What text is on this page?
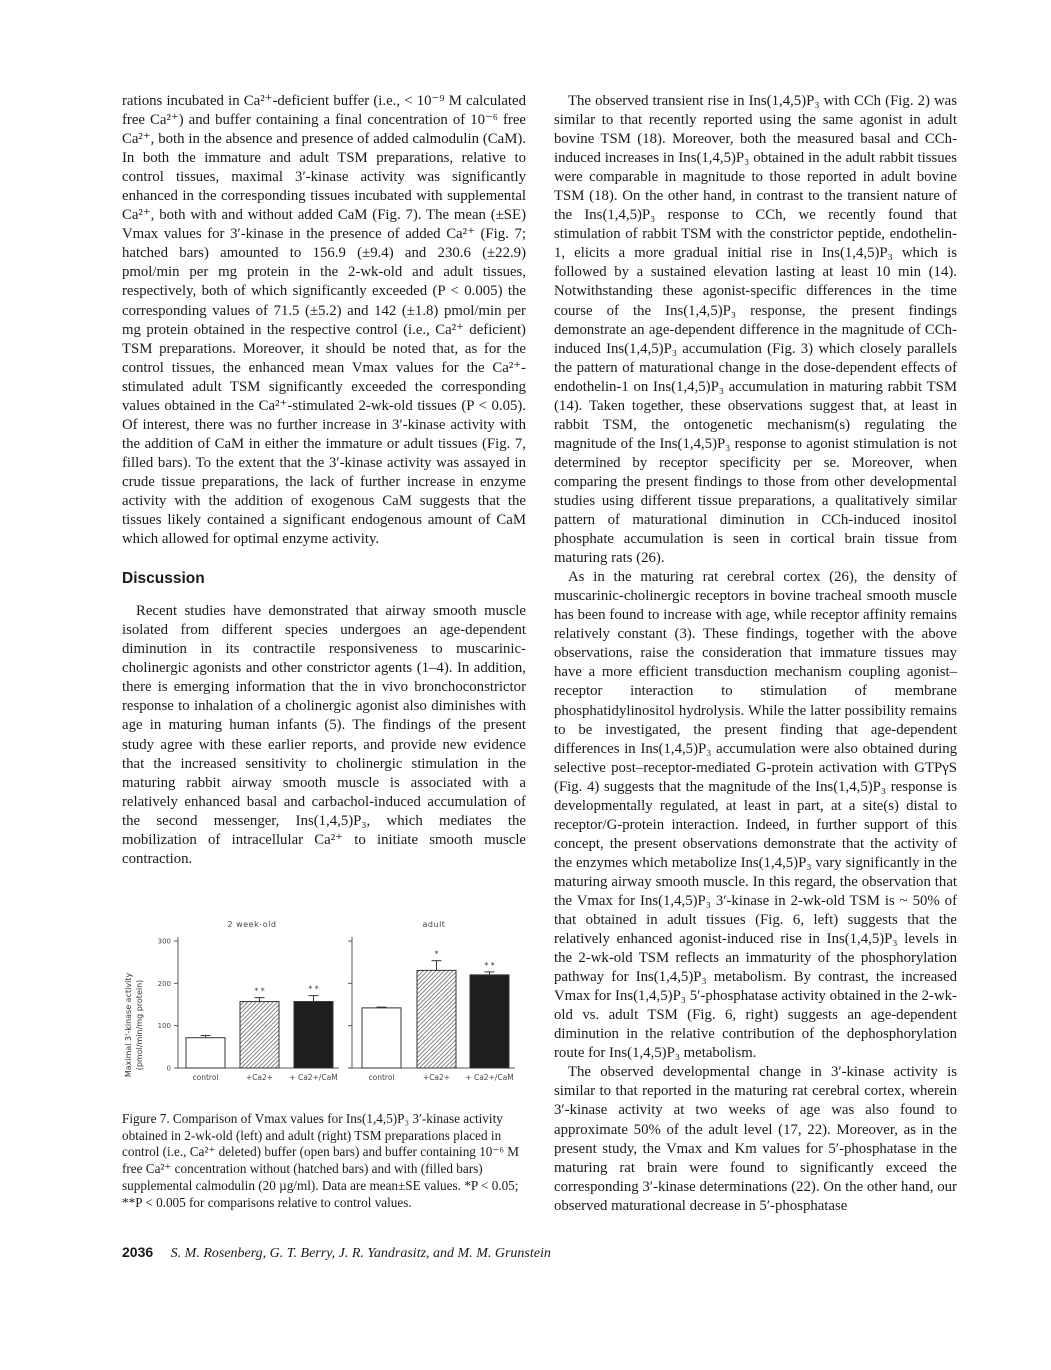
rations incubated in Ca²⁺-deficient buffer (i.e., < 10⁻⁹ M calculated free Ca²⁺) and buffer containing a final concentration of 10⁻⁶ free Ca²⁺, both in the absence and presence of added calmodulin (CaM). In both the immature and adult TSM preparations, relative to control tissues, maximal 3′-kinase activity was significantly enhanced in the corresponding tissues incubated with supplemental Ca²⁺, both with and without added CaM (Fig. 7). The mean (±SE) Vmax values for 3′-kinase in the presence of added Ca²⁺ (Fig. 7; hatched bars) amounted to 156.9 (±9.4) and 230.6 (±22.9) pmol/min per mg protein in the 2-wk-old and adult tissues, respectively, both of which significantly exceeded (P < 0.005) the corresponding values of 71.5 (±5.2) and 142 (±1.8) pmol/min per mg protein obtained in the respective control (i.e., Ca²⁺ deficient) TSM preparations. Moreover, it should be noted that, as for the control tissues, the enhanced mean Vmax values for the Ca²⁺-stimulated adult TSM significantly exceeded the corresponding values obtained in the Ca²⁺-stimulated 2-wk-old tissues (P < 0.05). Of interest, there was no further increase in 3′-kinase activity with the addition of CaM in either the immature or adult tissues (Fig. 7, filled bars). To the extent that the 3′-kinase activity was assayed in crude tissue preparations, the lack of further increase in enzyme activity with the addition of exogenous CaM suggests that the tissues likely contained a significant endogenous amount of CaM which allowed for optimal enzyme activity.

Discussion

Recent studies have demonstrated that airway smooth muscle isolated from different species undergoes an age-dependent diminution in its contractile responsiveness to muscarinic-cholinergic agonists and other constrictor agents (1–4). In addition, there is emerging information that the in vivo bronchoconstrictor response to inhalation of a cholinergic agonist also diminishes with age in maturing human infants (5). The findings of the present study agree with these earlier reports, and provide new evidence that the increased sensitivity to cholinergic stimulation in the maturing rabbit airway smooth muscle is associated with a relatively enhanced basal and carbachol-induced accumulation of the second messenger, Ins(1,4,5)P₃, which mediates the mobilization of intracellular Ca²⁺ to initiate smooth muscle contraction.

Maximal 3'-kinase activity (pmol/min/mg protein)	0
100
200
300
2 week-old
control
* *
+Ca2+
* *
+ Ca2+/CaM
adult
control
*
+Ca2+
* *
+ Ca2+/CaM
Figure 7. Comparison of Vmax values for Ins(1,4,5)P₃ 3′-kinase activity obtained in 2-wk-old (left) and adult (right) TSM preparations placed in control (i.e., Ca²⁺ deleted) buffer (open bars) and buffer containing 10⁻⁶ M free Ca²⁺ concentration without (hatched bars) and with (filled bars) supplemental calmodulin (20 µg/ml). Data are mean±SE values. *P < 0.05; **P < 0.005 for comparisons relative to control values.

The observed transient rise in Ins(1,4,5)P₃ with CCh (Fig. 2) was similar to that recently reported using the same agonist in adult bovine TSM (18). Moreover, both the measured basal and CCh-induced increases in Ins(1,4,5)P₃ obtained in the adult rabbit tissues were comparable in magnitude to those reported in adult bovine TSM (18). On the other hand, in contrast to the transient nature of the Ins(1,4,5)P₃ response to CCh, we recently found that stimulation of rabbit TSM with the constrictor peptide, endothelin-1, elicits a more gradual initial rise in Ins(1,4,5)P₃ which is followed by a sustained elevation lasting at least 10 min (14). Notwithstanding these agonist-specific differences in the time course of the Ins(1,4,5)P₃ response, the present findings demonstrate an age-dependent difference in the magnitude of CCh-induced Ins(1,4,5)P₃ accumulation (Fig. 3) which closely parallels the pattern of maturational change in the dose-dependent effects of endothelin-1 on Ins(1,4,5)P₃ accumulation in maturing rabbit TSM (14). Taken together, these observations suggest that, at least in rabbit TSM, the ontogenetic mechanism(s) regulating the magnitude of the Ins(1,4,5)P₃ response to agonist stimulation is not determined by receptor specificity per se. Moreover, when comparing the present findings to those from other developmental studies using different tissue preparations, a qualitatively similar pattern of maturational diminution in CCh-induced inositol phosphate accumulation is seen in cortical brain tissue from maturing rats (26).

As in the maturing rat cerebral cortex (26), the density of muscarinic-cholinergic receptors in bovine tracheal smooth muscle has been found to increase with age, while receptor affinity remains relatively constant (3). These findings, together with the above observations, raise the consideration that immature tissues may have a more efficient transduction mechanism coupling agonist–receptor interaction to stimulation of membrane phosphatidylinositol hydrolysis. While the latter possibility remains to be investigated, the present finding that age-dependent differences in Ins(1,4,5)P₃ accumulation were also obtained during selective post–receptor-mediated G-protein activation with GTPγS (Fig. 4) suggests that the magnitude of the Ins(1,4,5)P₃ response is developmentally regulated, at least in part, at a site(s) distal to receptor/G-protein interaction. Indeed, in further support of this concept, the present observations demonstrate that the activity of the enzymes which metabolize Ins(1,4,5)P₃ vary significantly in the maturing airway smooth muscle. In this regard, the observation that the Vmax for Ins(1,4,5)P₃ 3′-kinase in 2-wk-old TSM is ~ 50% of that obtained in adult tissues (Fig. 6, left) suggests that the relatively enhanced agonist-induced rise in Ins(1,4,5)P₃ levels in the 2-wk-old TSM reflects an immaturity of the phosphorylation pathway for Ins(1,4,5)P₃ metabolism. By contrast, the increased Vmax for Ins(1,4,5)P₃ 5′-phosphatase activity obtained in the 2-wk-old vs. adult TSM (Fig. 6, right) suggests an age-dependent diminution in the relative contribution of the dephosphorylation route for Ins(1,4,5)P₃ metabolism.

The observed developmental change in 3′-kinase activity is similar to that reported in the maturing rat cerebral cortex, wherein 3′-kinase activity at two weeks of age was also found to approximate 50% of the adult level (17, 22). Moreover, as in the present study, the Vmax and Km values for 5′-phosphatase in the maturing rat brain were found to significantly exceed the corresponding 3′-kinase determinations (22). On the other hand, our observed maturational decrease in 5′-phosphatase

2036 S. M. Rosenberg, G. T. Berry, J. R. Yandrasitz, and M. M. Grunstein
